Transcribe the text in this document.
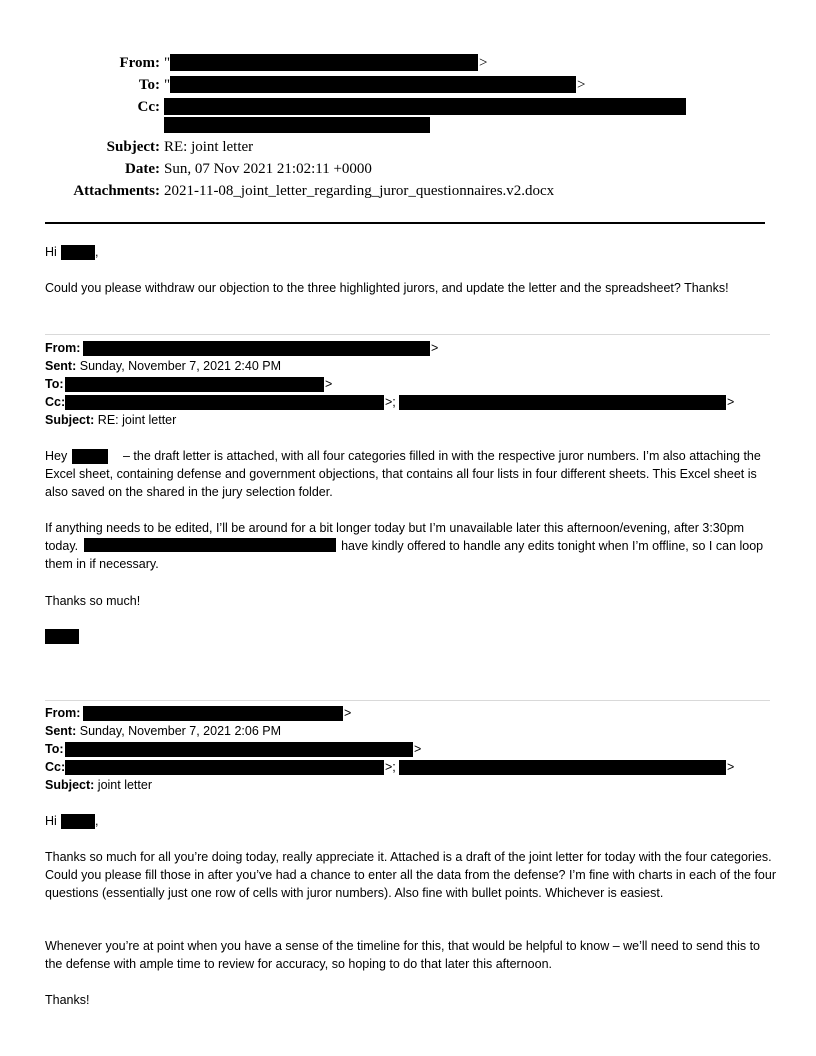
From: "	>
To: "	>
Cc:
Subject: RE: joint letter
Date: Sun, 07 Nov 2021 21:02:11 +0000
Attachments: 2021-11-08_joint_letter_regarding_juror_questionnaires.v2.docx
Hi	,
Could you please withdraw our objection to the three highlighted jurors, and update the letter and the spreadsheet? Thanks!
From:	>
Sent: Sunday, November 7, 2021 2:40 PM
To:	>
Cc:	>;	>
Subject: RE: joint letter
Hey	– the draft letter is attached, with all four categories filled in with the respective juror numbers. I’m also attaching the Excel sheet, containing defense and government objections, that contains all four lists in four different sheets. This Excel sheet is also saved on the shared in the jury selection folder.
If anything needs to be edited, I’ll be around for a bit longer today but I’m unavailable later this afternoon/evening, after 3:30pm today.	have kindly offered to handle any edits tonight when I’m offline, so I can loop them in if necessary.
Thanks so much!
From:	>
Sent: Sunday, November 7, 2021 2:06 PM
To:	>
Cc:	>;	>
Subject: joint letter
Hi	,
Thanks so much for all you’re doing today, really appreciate it. Attached is a draft of the joint letter for today with the four categories. Could you please fill those in after you’ve had a chance to enter all the data from the defense? I’m fine with charts in each of the four questions (essentially just one row of cells with juror numbers). Also fine with bullet points. Whichever is easiest.
Whenever you’re at point when you have a sense of the timeline for this, that would be helpful to know – we’ll need to send this to the defense with ample time to review for accuracy, so hoping to do that later this afternoon.
Thanks!
